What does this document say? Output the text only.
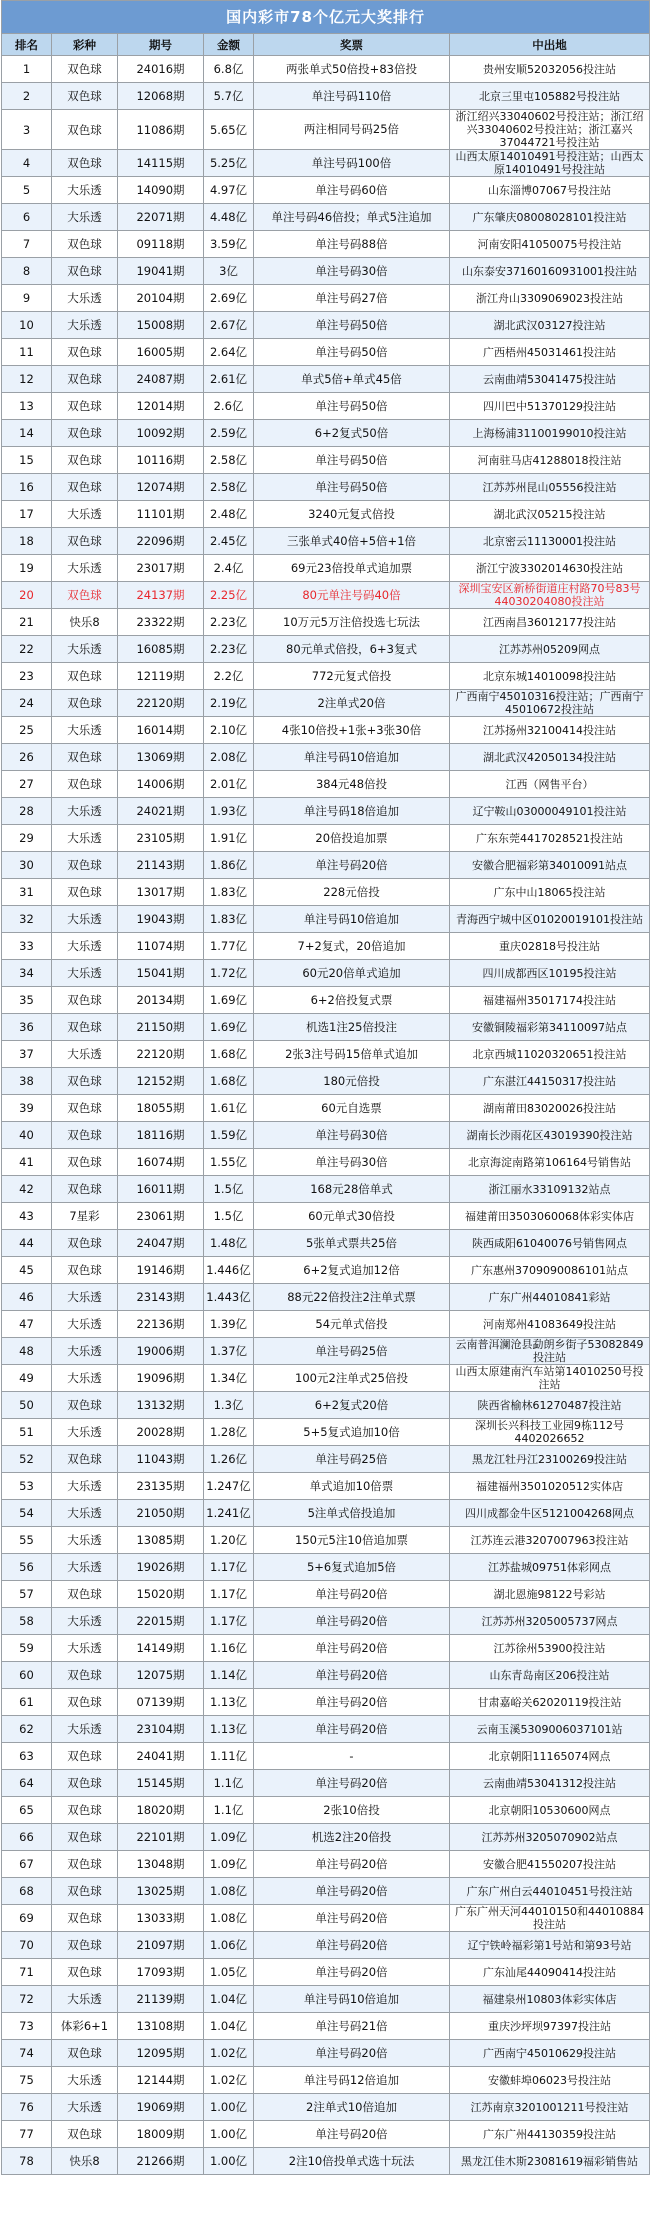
国内彩市78个亿元大奖排行					
排名	彩种	期号	金额	奖票	中出地
1	双色球	24016期	6.8亿	两张单式50倍投+83倍投	贵州安顺52032056投注站
2	双色球	12068期	5.7亿	单注号码110倍	北京三里屯105882号投注站
3	双色球	11086期	5.65亿	两注相同号码25倍	浙江绍兴33040602号投注站；浙江绍兴33040602号投注站；浙江嘉兴37044721号投注站
4	双色球	14115期	5.25亿	单注号码100倍	山西太原14010491号投注站；山西太原14010491号投注站
5	大乐透	14090期	4.97亿	单注号码60倍	山东淄博07067号投注站
6	大乐透	22071期	4.48亿	单注号码46倍投；单式5注追加	广东肇庆08008028101投注站
7	双色球	09118期	3.59亿	单注号码88倍	河南安阳41050075号投注站
8	双色球	19041期	3亿	单注号码30倍	山东泰安37160160931001投注站
9	大乐透	20104期	2.69亿	单注号码27倍	浙江舟山3309069023投注站
10	大乐透	15008期	2.67亿	单注号码50倍	湖北武汉03127投注站
11	双色球	16005期	2.64亿	单注号码50倍	广西梧州45031461投注站
12	双色球	24087期	2.61亿	单式5倍+单式45倍	云南曲靖53041475投注站
13	双色球	12014期	2.6亿	单注号码50倍	四川巴中51370129投注站
14	双色球	10092期	2.59亿	6+2复式50倍	上海杨浦31100199010投注站
15	双色球	10116期	2.58亿	单注号码50倍	河南驻马店41288018投注站
16	双色球	12074期	2.58亿	单注号码50倍	江苏苏州昆山05556投注站
17	大乐透	11101期	2.48亿	3240元复式倍投	湖北武汉05215投注站
18	双色球	22096期	2.45亿	三张单式40倍+5倍+1倍	北京密云11130001投注站
19	大乐透	23017期	2.4亿	69元23倍投单式追加票	浙江宁波3302014630投注站
20	双色球	24137期	2.25亿	80元单注号码40倍	深圳宝安区新桥街道庄村路70号83号44030204080投注站
21	快乐8	23322期	2.23亿	10万元5万注倍投选七玩法	江西南昌36012177投注站
22	大乐透	16085期	2.23亿	80元单式倍投，6+3复式	江苏苏州05209网点
23	双色球	12119期	2.2亿	772元复式倍投	北京东城14010098投注站
24	双色球	22120期	2.19亿	2注单式20倍	广西南宁45010316投注站；广西南宁45010672投注站
25	大乐透	16014期	2.10亿	4张10倍投+1张+3张30倍	江苏扬州32100414投注站
26	双色球	13069期	2.08亿	单注号码10倍追加	湖北武汉42050134投注站
27	双色球	14006期	2.01亿	384元48倍投	江西（网售平台）
28	大乐透	24021期	1.93亿	单注号码18倍追加	辽宁鞍山03000049101投注站
29	大乐透	23105期	1.91亿	20倍投追加票	广东东莞4417028521投注站
30	双色球	21143期	1.86亿	单注号码20倍	安徽合肥福彩第34010091站点
31	双色球	13017期	1.83亿	228元倍投	广东中山18065投注站
32	大乐透	19043期	1.83亿	单注号码10倍追加	青海西宁城中区01020019101投注站
33	大乐透	11074期	1.77亿	7+2复式，20倍追加	重庆02818号投注站
34	大乐透	15041期	1.72亿	60元20倍单式追加	四川成都西区10195投注站
35	双色球	20134期	1.69亿	6+2倍投复式票	福建福州35017174投注站
36	双色球	21150期	1.69亿	机选1注25倍投注	安徽铜陵福彩第34110097站点
37	大乐透	22120期	1.68亿	2张3注号码15倍单式追加	北京西城11020320651投注站
38	双色球	12152期	1.68亿	180元倍投	广东湛江44150317投注站
39	双色球	18055期	1.61亿	60元自选票	湖南莆田83020026投注站
40	双色球	18116期	1.59亿	单注号码30倍	湖南长沙雨花区43019390投注站
41	双色球	16074期	1.55亿	单注号码30倍	北京海淀南路第106164号销售站
42	双色球	16011期	1.5亿	168元28倍单式	浙江丽水33109132站点
43	7星彩	23061期	1.5亿	60元单式30倍投	福建莆田3503060068体彩实体店
44	双色球	24047期	1.48亿	5张单式票共25倍	陕西咸阳61040076号销售网点
45	双色球	19146期	1.446亿	6+2复式追加12倍	广东惠州3709090086101站点
46	大乐透	23143期	1.443亿	88元22倍投注2注单式票	广东广州44010841彩站
47	大乐透	22136期	1.39亿	54元单式倍投	河南郑州41083649投注站
48	大乐透	19006期	1.37亿	单注号码25倍	云南普洱澜沧县勐朗乡街子53082849投注站
49	大乐透	19096期	1.34亿	100元2注单式25倍投	山西太原建南汽车站第14010250号投注站
50	双色球	13132期	1.3亿	6+2复式20倍	陕西省榆林61270487投注站
51	大乐透	20028期	1.28亿	5+5复式追加10倍	深圳长兴科技工业园9栋112号4402026652
52	双色球	11043期	1.26亿	单注号码25倍	黑龙江牡丹江23100269投注站
53	大乐透	23135期	1.247亿	单式追加10倍票	福建福州3501020512实体店
54	大乐透	21050期	1.241亿	5注单式倍投追加	四川成都金牛区5121004268网点
55	大乐透	13085期	1.20亿	150元5注10倍追加票	江苏连云港3207007963投注站
56	大乐透	19026期	1.17亿	5+6复式追加5倍	江苏盐城09751体彩网点
57	双色球	15020期	1.17亿	单注号码20倍	湖北恩施98122号彩站
58	大乐透	22015期	1.17亿	单注号码20倍	江苏苏州3205005737网点
59	大乐透	14149期	1.16亿	单注号码20倍	江苏徐州53900投注站
60	双色球	12075期	1.14亿	单注号码20倍	山东青岛南区206投注站
61	双色球	07139期	1.13亿	单注号码20倍	甘肃嘉峪关62020119投注站
62	大乐透	23104期	1.13亿	单注号码20倍	云南玉溪5309006037101站
63	双色球	24041期	1.11亿	-	北京朝阳11165074网点
64	双色球	15145期	1.1亿	单注号码20倍	云南曲靖53041312投注站
65	双色球	18020期	1.1亿	2张10倍投	北京朝阳10530600网点
66	双色球	22101期	1.09亿	机选2注20倍投	江苏苏州3205070902站点
67	双色球	13048期	1.09亿	单注号码20倍	安徽合肥41550207投注站
68	双色球	13025期	1.08亿	单注号码20倍	广东广州白云44010451号投注站
69	双色球	13033期	1.08亿	单注号码20倍	广东广州天河44010150和44010884投注站
70	双色球	21097期	1.06亿	单注号码20倍	辽宁铁岭福彩第1号站和第93号站
71	双色球	17093期	1.05亿	单注号码20倍	广东汕尾44090414投注站
72	大乐透	21139期	1.04亿	单注号码10倍追加	福建泉州10803体彩实体店
73	体彩6+1	13108期	1.04亿	单注号码21倍	重庆沙坪坝97397投注站
74	双色球	12095期	1.02亿	单注号码20倍	广西南宁45010629投注站
75	大乐透	12144期	1.02亿	单注号码12倍追加	安徽蚌埠06023号投注站
76	大乐透	19069期	1.00亿	2注单式10倍追加	江苏南京3201001211号投注站
77	双色球	18009期	1.00亿	单注号码20倍	广东广州44130359投注站
78	快乐8	21266期	1.00亿	2注10倍投单式选十玩法	黑龙江佳木斯23081619福彩销售站
